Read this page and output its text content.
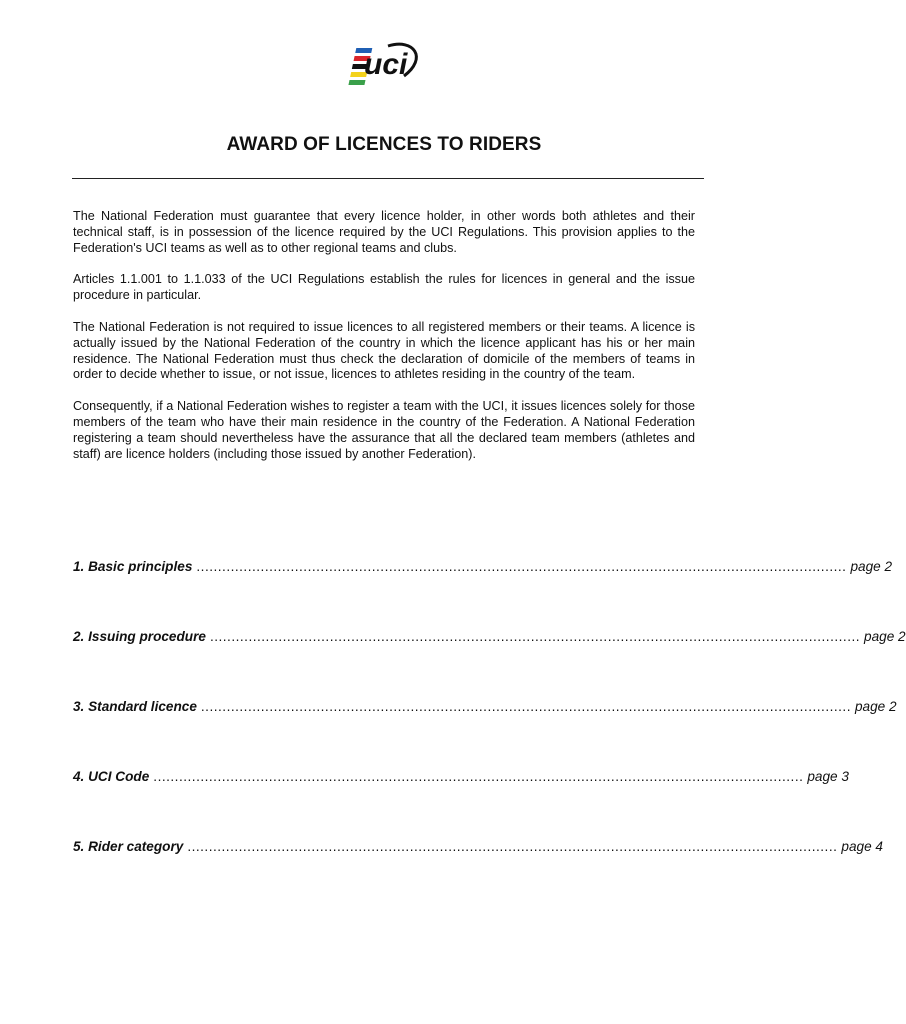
uci
AWARD OF LICENCES TO RIDERS

The National Federation must guarantee that every licence holder, in other words both athletes and their technical staff, is in possession of the licence required by the UCI Regulations. This provision applies to the Federation's UCI teams as well as to other regional teams and clubs.

Articles 1.1.001 to 1.1.033 of the UCI Regulations establish the rules for licences in general and the issue procedure in particular.

The National Federation is not required to issue licences to all registered members or their teams. A licence is actually issued by the National Federation of the country in which the licence applicant has his or her main residence. The National Federation must thus check the declaration of domicile of the members of teams in order to decide whether to issue, or not issue, licences to athletes residing in the country of the team.

Consequently, if a National Federation wishes to register a team with the UCI, it issues licences solely for those members of the team who have their main residence in the country of the Federation. A National Federation registering a team should nevertheless have the assurance that all the declared team members (athletes and staff) are licence holders (including those issued by another Federation).

1. Basic principles ........................................................................................................................................................ page 2
2. Issuing procedure ........................................................................................................................................................ page 2
3. Standard licence ........................................................................................................................................................ page 2
4. UCI Code ........................................................................................................................................................ page 3
5. Rider category ........................................................................................................................................................ page 4
